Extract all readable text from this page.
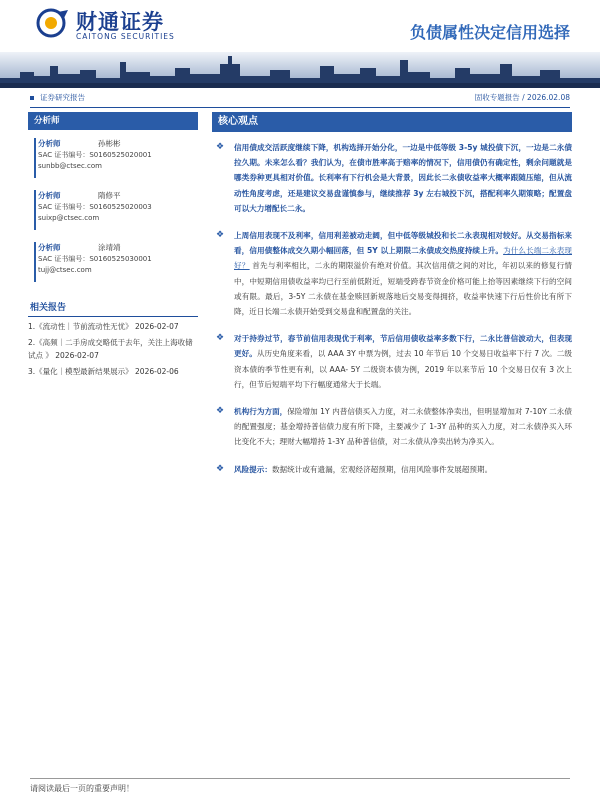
财通证券
CAITONG SECURITIES	负债属性决定信用选择
证券研究报告	固收专题报告 / 2026.02.08
分析师
分析师	孙彬彬
SAC 证书编号：S0160525020001
sunbb@ctsec.com
分析师	隋修平
SAC 证书编号：S0160525020003
suixp@ctsec.com
分析师	涂靖靖
SAC 证书编号：S0160525030001
tujj@ctsec.com
相关报告
1.《流动性｜节前流动性无忧》 2026-02-07
2.《高频｜二手房成交略低于去年，关注上海收储试点 》 2026-02-07
3.《量化｜模型最新结果展示》 2026-02-06
核心观点
❖ 信用债成交活跃度继续下降，机构选择开始分化，一边是中低等级 3-5y 城投债下沉，一边是二永债拉久期。未来怎么看？我们认为，在债市胜率高于赔率的情况下，信用债仍有确定性，剩余问题就是哪类券种更具相对价值。长利率有下行机会是大背景，因此长二永债收益率大概率跟随压缩，但从流动性角度考虑，还是建议交易盘谨慎参与，继续推荐 3y 左右城投下沉，搭配利率久期策略；配置盘可以大力增配长二永。
❖ 上周信用表现不及利率，信用利差被动走阔，但中低等级城投和长二永表现相对较好。从交易指标来看，信用债整体成交久期小幅回落，但 5Y 以上期限二永债成交热度持续上升。为什么长端二永表现好？ 首先与利率相比，二永的期限溢价有绝对价值。其次信用债之间的对比，年初以来的修复行情中，中短期信用债收益率均已行至前低附近，短端受跨春节资金价格可能上抬等因素继续下行的空间或有限。最后，3-5Y 二永债在基金赎回新规落地后交易变得拥挤，收益率快速下行后性价比有所下降，近日长端二永债开始受到交易盘和配置盘的关注。
❖ 对于持券过节，春节前信用表现优于利率，节后信用债收益率多数下行，二永比普信波动大，但表现更好。从历史角度来看，以 AAA 3Y 中票为例，过去 10 年节后 10 个交易日收益率下行 7 次。二级资本债的季节性更有利，以 AAA- 5Y 二级资本债为例，2019 年以来节后 10 个交易日仅有 3 次上行，但节后短端平均下行幅度通常大于长端。
❖ 机构行为方面，保险增加 1Y 内普信债买入力度，对二永债整体净卖出，但明显增加对 7-10Y 二永债的配置强度；基金增持普信债力度有所下降，主要减少了 1-3Y 品种的买入力度，对二永债净买入环比变化不大；理财大幅增持 1-3Y 品种普信债，对二永债从净卖出转为净买入。
❖ 风险提示：数据统计或有遗漏，宏观经济超预期，信用风险事件发展超预期。
请阅读最后一页的重要声明！
